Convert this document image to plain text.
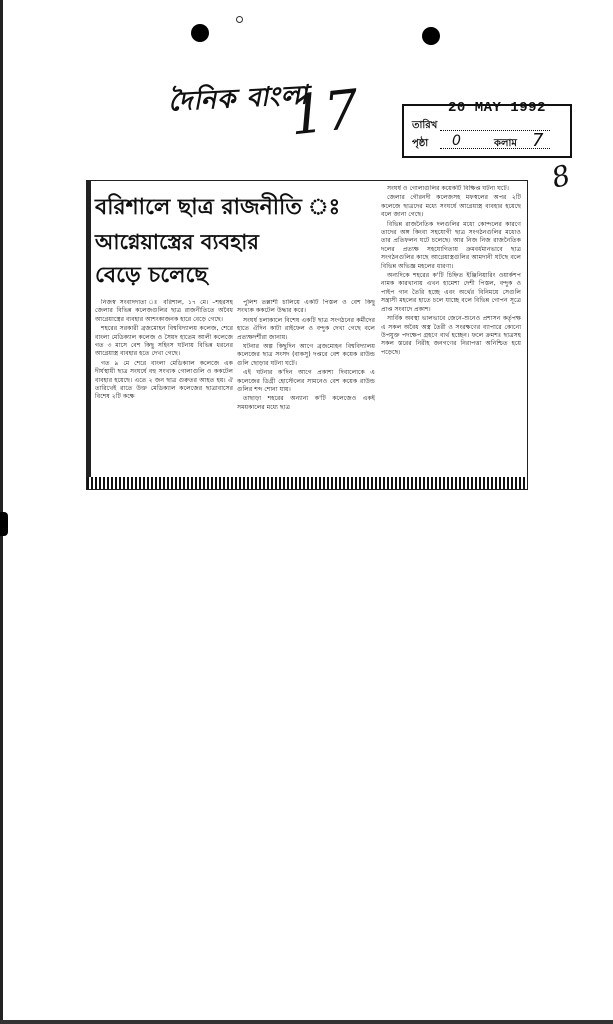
দৈনিক বাংলা
17	20 MAY 1992
তারিখ
পৃষ্ঠা 0	কলাম 7
8
বরিশালে ছাত্র রাজনীতি ঃ
আগ্নেয়াস্ত্রের ব্যবহার
বেড়ে চলেছে

নিজস্ব সংবাদদাতা ঃ বরিশাল, ১৭ মে। –শহরসহ জেলার বিভিন্ন কলেজগুলির ছাত্র রাজনীতিতে অবৈধ আগ্নেয়াস্ত্রের ব্যবহার আশংকাজনক হারে বেড়ে গেছে।

শহরের সরকারী ব্রজমোহন বিশ্ববিদ্যালয় কলেজ, শেরে বাংলা মেডিক্যাল কলেজ ও সৈয়দ হাতেম আলী কলেজে গত ৩ মাসে বেশ কিছু সহিংস ঘটনায় বিভিন্ন ধরনের আগ্নেয়াস্ত্র ব্যবহার হতে দেখা গেছে।

গত ৯ মে শেরে বাংলা মেডিক্যাল কলেজে এক দীর্ঘস্থায়ী ছাত্র সংঘর্ষে বহু সংখ্যক গোলাগুলি ও ককটেল ব্যবহার হয়েছে। এতে ২ জন ছাত্র গুরুতর আহত হয়। ঐ তারিখেই রাতে উক্ত মেডিক্যাল কলেজের ছাত্রাবাসের বিশেষ ২টি কক্ষে

পুলিশ তল্লাশী চালিয়ে একটি পিস্তল ও বেশ কিছু সংখ্যক ককটেল উদ্ধার করে।

সংঘর্ষ চলাকালে বিশেষ একটি ছাত্র সংগঠনের কর্মীদের হাতে ঐদিন কাটা রাইফেল ও বন্দুক দেখা গেছে বলে প্রত্যক্ষদর্শীরা জানায়।

ঘটনার অল্প কিছুদিন আগে ব্রজমোহন বিশ্ববিদ্যালয় কলেজের ছাত্র সংসদ (বাকসু) দপ্তরে বেশ কয়েক রাউন্ড গুলি ছোড়ার ঘটনা ঘটে।

এই ঘটনার ক'দিন আগে প্রকাশ্য দিবালোকে এ কলেজের ডিগ্রী হোস্টেলের সামনেও বেশ কয়েক রাউন্ড গুলির শব্দ শোনা যায়।

তাছাড়া শহরের অন্যান্য ক'টি কলেজেও একই সময়কালের মধ্যে ছাত্র

সংঘর্ষ ও গোলাগুলির কয়েকটি বিক্ষিপ্ত ঘটনা ঘটে।

জেলার গৌরনদী কলেজসহ মফস্বলের অপর ২টি কলেজে ছাত্রদের মধ্যে সংঘর্ষে আগ্নেয়াস্ত্র ব্যবহার হয়েছে বলে জানা গেছে।

বিভিন্ন রাজনৈতিক দলগুলির মধ্যে কোন্দলের কারণে তাদের অঙ্গ কিংবা সহযোগী ছাত্র সংগঠনগুলির মধ্যেও তার প্রতিফলন ঘটে চলেছে। আর নিজ নিজ রাজনৈতিক দলের প্রত্যক্ষ সহযোগিতায় ক্রমবর্ধমানভাবে ছাত্র সংগঠনগুলির কাছে আগ্নেয়াস্ত্রগুলির আমদানী ঘটছে বলে বিভিন্ন অভিজ্ঞ মহলের ধারণা।

অন্যদিকে শহরের ক'টি চিহ্নিত ইঞ্জিনিয়ারিং ওয়ার্কশপ নামক কারখানায় এখন হামেশা দেশী পিস্তল, বন্দুক ও পাইপ গান তৈরি হচ্ছে এবং অর্থের বিনিময়ে সেগুলি সন্ত্রাসী মহলের হাতে চলে যাচ্ছে বলে বিভিন্ন গোপন সূত্রে প্রাপ্ত সংবাদে প্রকাশ।

সার্বিক অবস্থা ভালভাবে জেনে-শুনেও প্রশাসন কর্তৃপক্ষ এ সকল অবৈধ অস্ত্র তৈরী ও সংরক্ষণের ব্যাপারে কোনো উপযুক্ত পদক্ষেপ গ্রহণে ব্যর্থ হচ্ছেন। ফলে ক্রমশঃ ছাত্রসহ সকল স্তরের নিরীহ জনগণের নিরাপত্তা অনিশ্চিত হয়ে পড়েছে।
